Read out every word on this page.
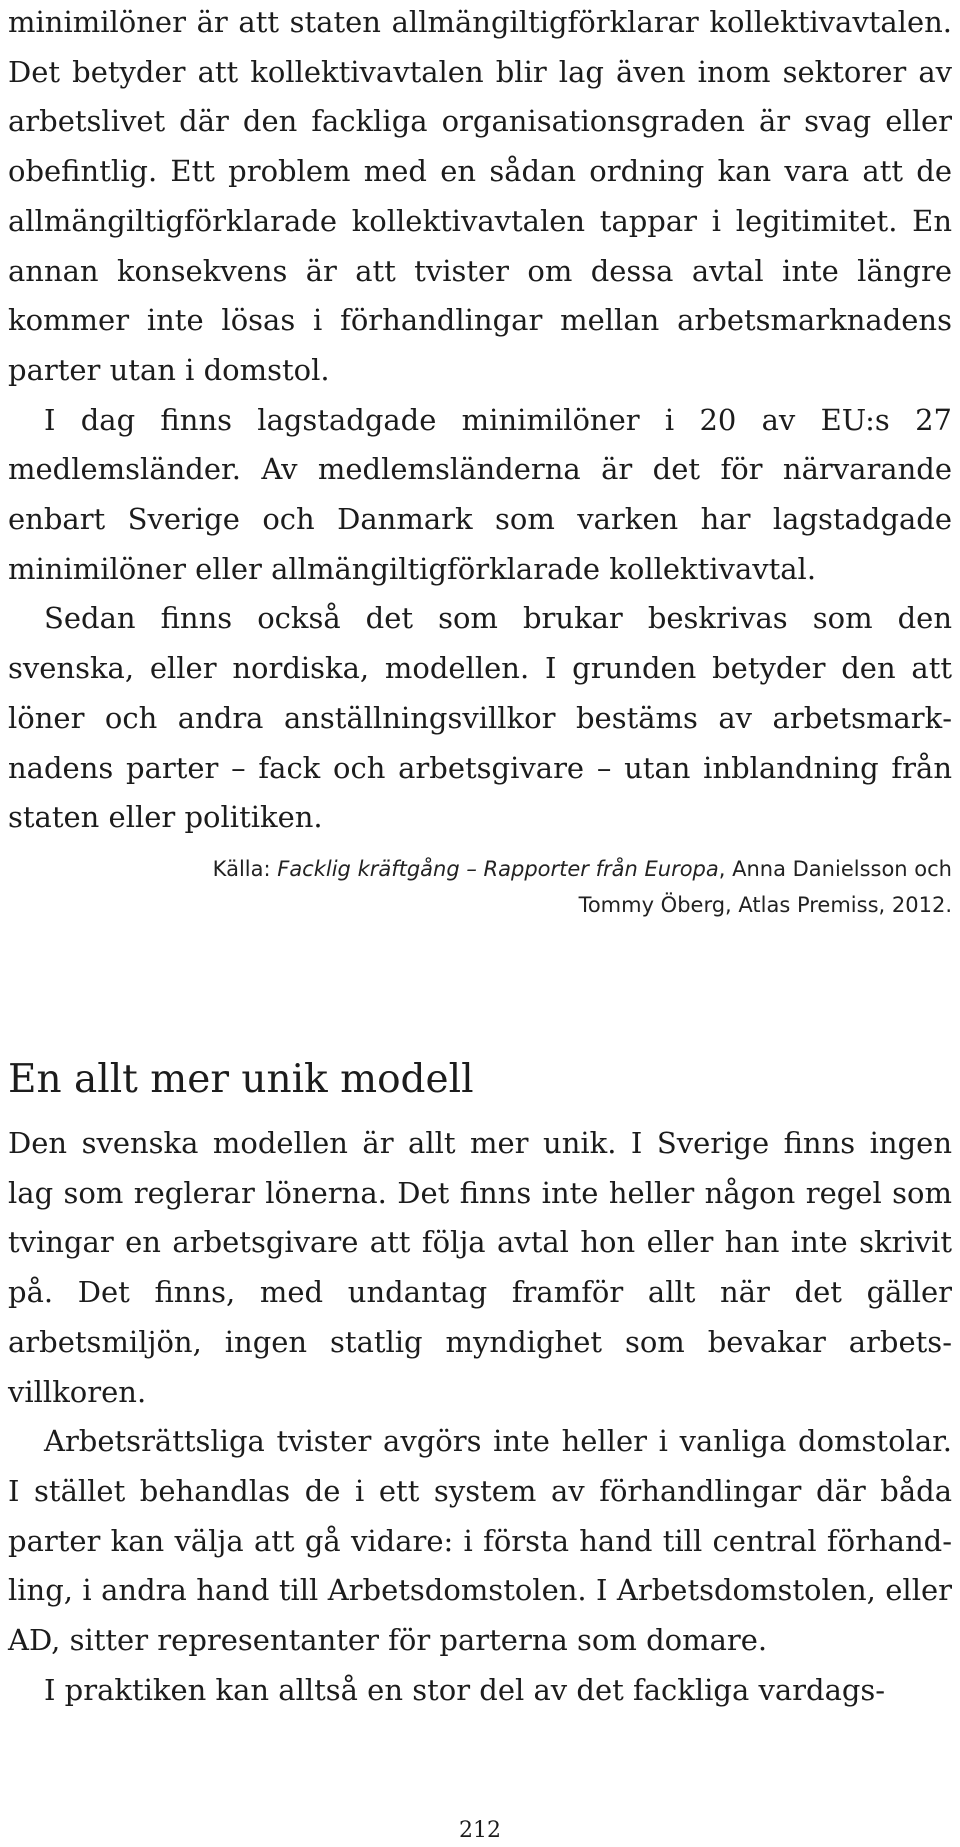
minimilöner är att staten allmängiltigförklarar kollektivavtalen. Det betyder att kollektivavtalen blir lag även inom sektorer av arbetslivet där den fackliga organisationsgraden är svag eller obefintlig. Ett problem med en sådan ordning kan vara att de allmängiltigförklarade kollektivavtalen tappar i legitimitet. En annan konsekvens är att tvister om dessa avtal inte längre kommer inte lösas i förhandlingar mellan arbetsmarknadens parter utan i domstol.

I dag finns lagstadgade minimilöner i 20 av EU:s 27 medlemsländer. Av medlemsländerna är det för närvarande enbart Sverige och Danmark som varken har lagstadgade minimilöner eller allmängiltigförklarade kollektivavtal.

Sedan finns också det som brukar beskrivas som den svenska, eller nordiska, modellen. I grunden betyder den att löner och andra anställningsvillkor bestäms av arbetsmarknadens parter – fack och arbetsgivare – utan inblandning från staten eller politiken.

Källa: Facklig kräftgång – Rapporter från Europa, Anna Danielsson och
Tommy Öberg, Atlas Premiss, 2012.
En allt mer unik modell

Den svenska modellen är allt mer unik. I Sverige finns ingen lag som reglerar lönerna. Det finns inte heller någon regel som tvingar en arbetsgivare att följa avtal hon eller han inte skrivit på. Det finns, med undantag framför allt när det gäller arbetsmiljön, ingen statlig myndighet som bevakar arbetsvillkoren.

Arbetsrättsliga tvister avgörs inte heller i vanliga domstolar. I stället behandlas de i ett system av förhandlingar där båda parter kan välja att gå vidare: i första hand till central förhandling, i andra hand till Arbetsdomstolen. I Arbetsdomstolen, eller AD, sitter representanter för parterna som domare.

I praktiken kan alltså en stor del av det fackliga vardags-

212
